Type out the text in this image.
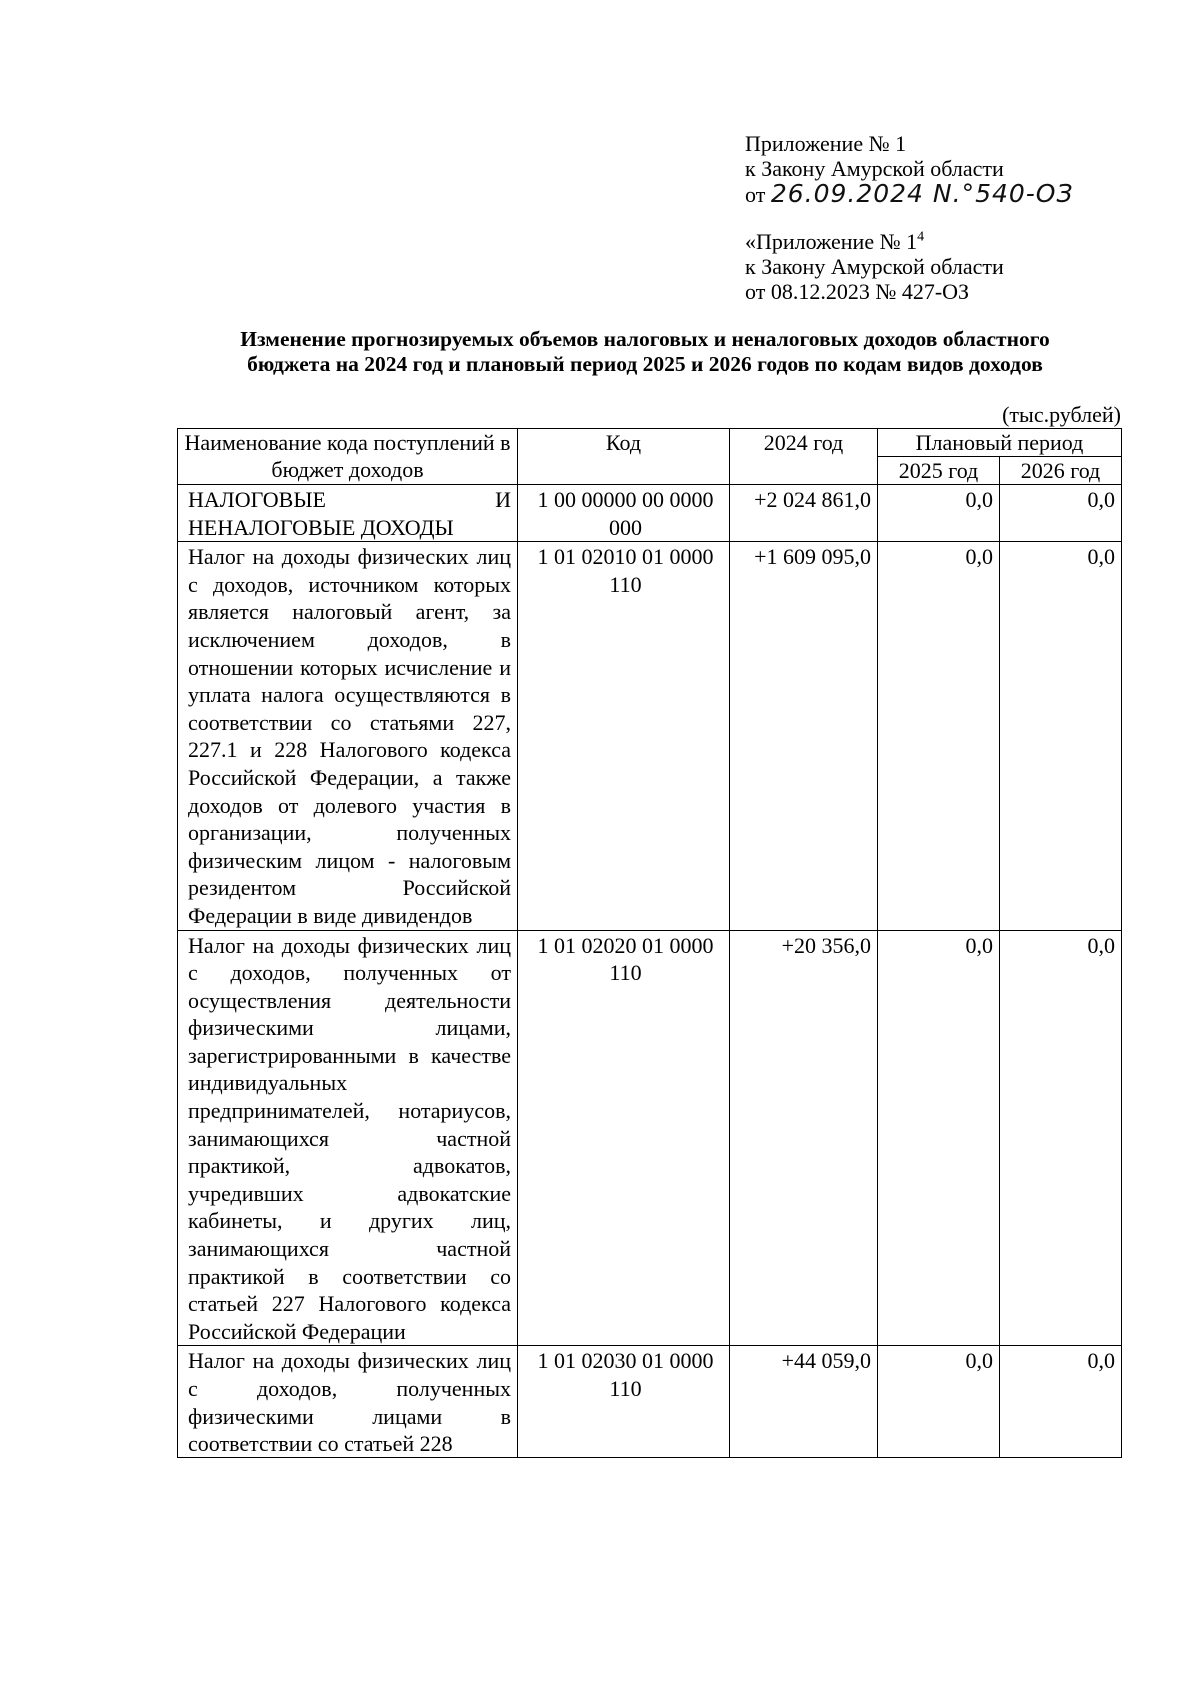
Приложение № 1
к Закону Амурской области
от 26.09.2024 N.°540-ОЗ
«Приложение № $1^4$
к Закону Амурской области
от 08.12.2023 № 427-ОЗ
Изменение прогнозируемых объемов налоговых и неналоговых доходов областного
бюджета на 2024 год и плановый период 2025 и 2026 годов по кодам видов доходов
(тыс.рублей)
Наименование кода поступлений в бюджет доходов	Код	2024 год	Плановый период	
			2025 год	2026 год
НАЛОГОВЫЕ И НЕНАЛОГОВЫЕ ДОХОДЫ	1 00 00000 00 0000 000	+2 024 861,0	0,0	0,0
Налог на доходы физических лиц с доходов, источником которых является налоговый агент, за исключением доходов, в отношении которых исчисление и уплата налога осуществляются в соответствии со статьями 227, 227.1 и 228 Налогового кодекса Российской Федерации, а также доходов от долевого участия в организации, полученных физическим лицом - налоговым резидентом Российской Федерации в виде дивидендов	1 01 02010 01 0000 110	+1 609 095,0	0,0	0,0
Налог на доходы физических лиц с доходов, полученных от осуществления деятельности физическими лицами, зарегистрированными в качестве индивидуальных предпринимателей, нотариусов, занимающихся частной практикой, адвокатов, учредивших адвокатские кабинеты, и других лиц, занимающихся частной практикой в соответствии со статьей 227 Налогового кодекса Российской Федерации	1 01 02020 01 0000 110	+20 356,0	0,0	0,0

Налог на доходы физических лиц с доходов, полученных физическими лицами в соответствии со статьей 228	1 01 02030 01 0000 110	+44 059,0	0,0	0,0
